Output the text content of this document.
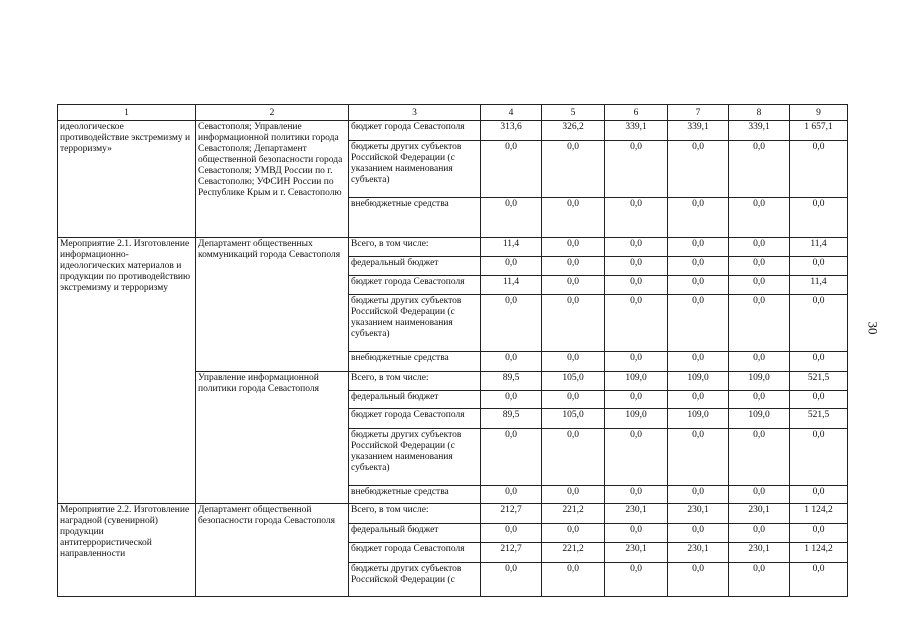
1	2	3	4	5	6	7	8	9
идеологическое противодействие экстремизму и терроризму»	Севастополя; Управление информационной политики города Севастополя; Департамент общественной безопасности города Севастополя; УМВД России по г. Севастополю; УФСИН России по Республике Крым и г. Севастополю	бюджет города Севастополя	313,6	326,2	339,1	339,1	339,1	1 657,1
		бюджеты других субъектов Российской Федерации (с указанием наименования субъекта)	0,0	0,0	0,0	0,0	0,0	0,0
		внебюджетные средства	0,0	0,0	0,0	0,0	0,0	0,0
Мероприятие 2.1. Изготовление информационно-идеологических материалов и продукции по противодействию экстремизму и терроризму	Департамент общественных коммуникаций города Севастополя	Всего, в том числе:	11,4	0,0	0,0	0,0	0,0	11,4
		федеральный бюджет	0,0	0,0	0,0	0,0	0,0	0,0
		бюджет города Севастополя	11,4	0,0	0,0	0,0	0,0	11,4
		бюджеты других субъектов Российской Федерации (с указанием наименования субъекта)	0,0	0,0	0,0	0,0	0,0	0,0
		внебюджетные средства	0,0	0,0	0,0	0,0	0,0	0,0
	Управление информационной политики города Севастополя	Всего, в том числе:	89,5	105,0	109,0	109,0	109,0	521,5
		федеральный бюджет	0,0	0,0	0,0	0,0	0,0	0,0
		бюджет города Севастополя	89,5	105,0	109,0	109,0	109,0	521,5
		бюджеты других субъектов Российской Федерации (с указанием наименования субъекта)	0,0	0,0	0,0	0,0	0,0	0,0
		внебюджетные средства	0,0	0,0	0,0	0,0	0,0	0,0
Мероприятие 2.2. Изготовление наградной (сувенирной) продукции антитеррористической направленности	Департамент общественной безопасности города Севастополя	Всего, в том числе:	212,7	221,2	230,1	230,1	230,1	1 124,2
		федеральный бюджет	0,0	0,0	0,0	0,0	0,0	0,0
		бюджет города Севастополя	212,7	221,2	230,1	230,1	230,1	1 124,2
		бюджеты других субъектов Российской Федерации (с	0,0	0,0	0,0	0,0	0,0	0,0
30
